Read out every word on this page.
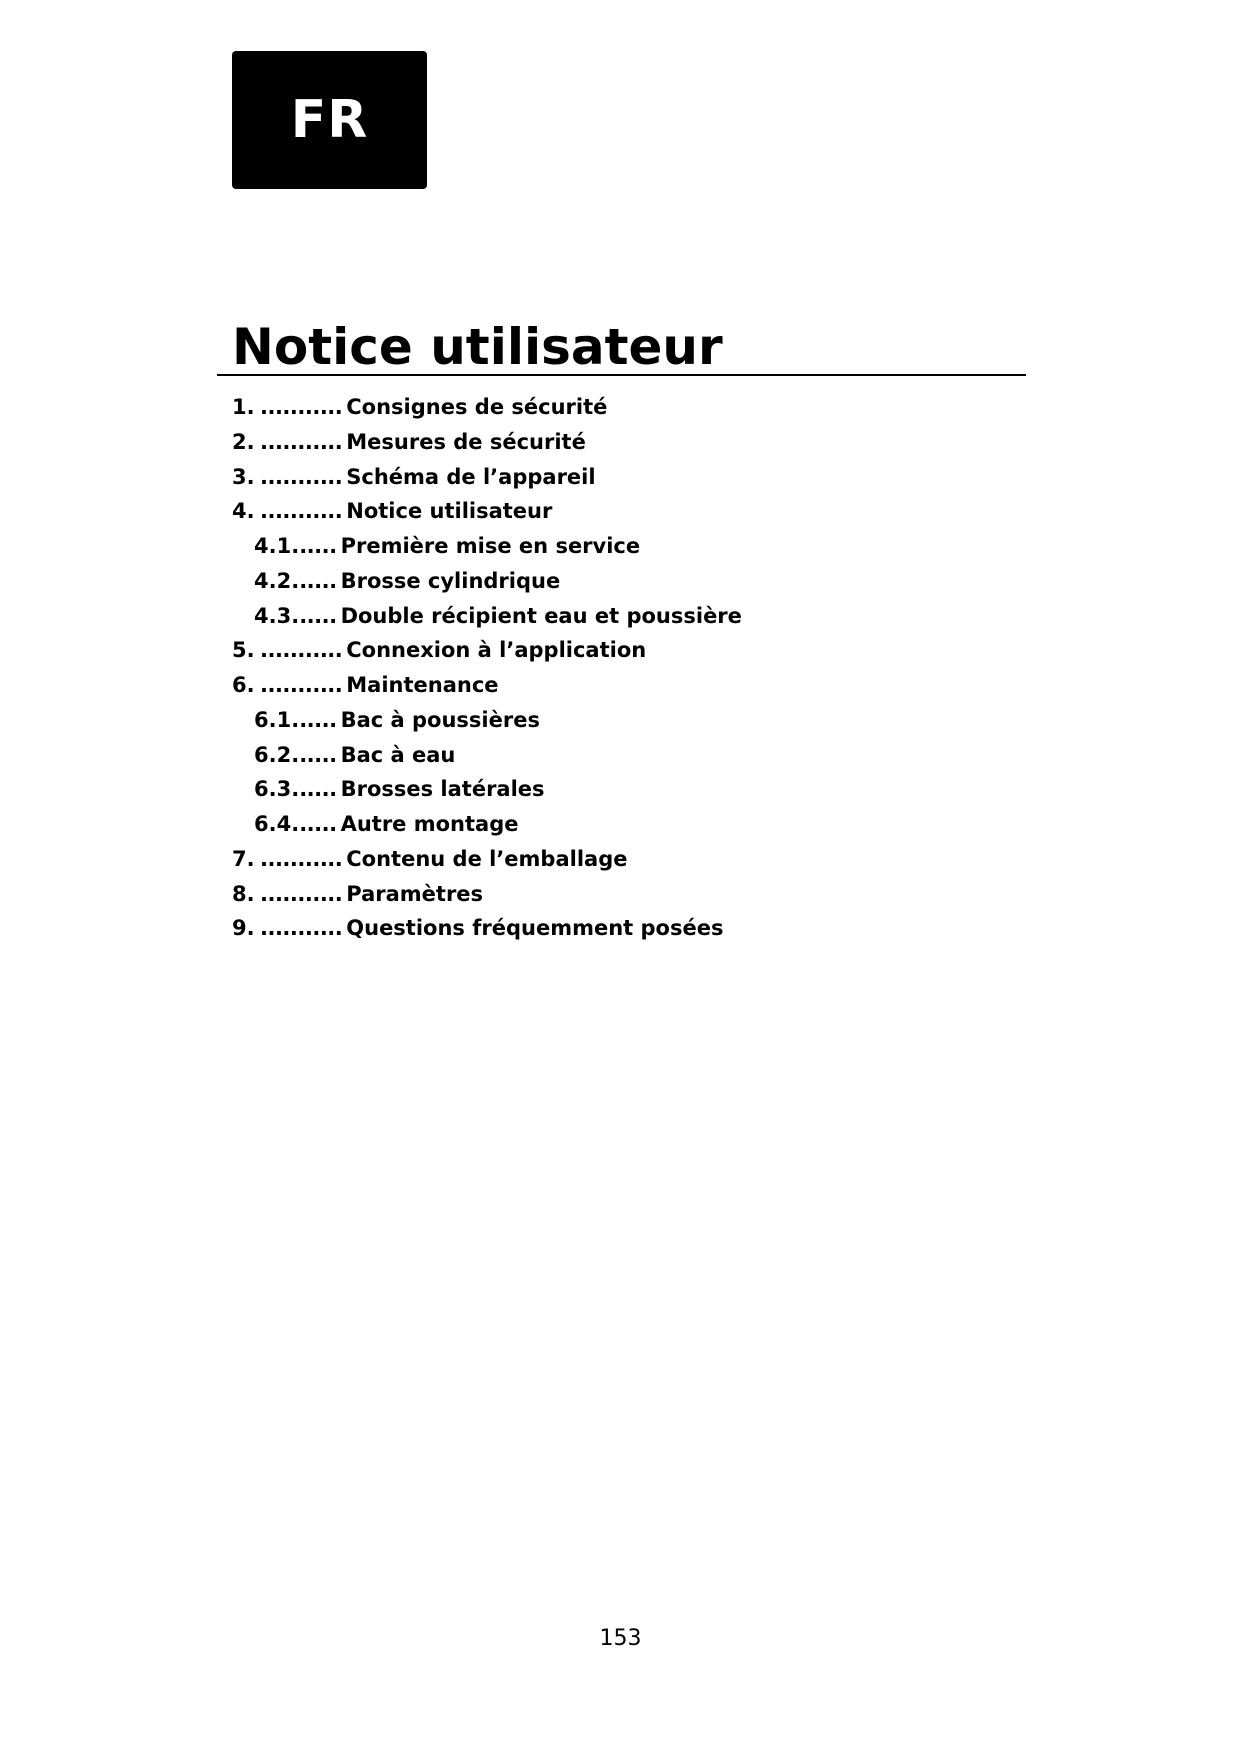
FR
Notice utilisateur
1. ........... Consignes de sécurité
2. ........... Mesures de sécurité
3. ........... Schéma de l’appareil
4. ........... Notice utilisateur
4.1. ..... Première mise en service
4.2. ..... Brosse cylindrique
4.3. ..... Double récipient eau et poussière
5. ........... Connexion à l’application
6. ........... Maintenance
6.1. ..... Bac à poussières
6.2. ..... Bac à eau
6.3. ..... Brosses latérales
6.4. ..... Autre montage
7. ........... Contenu de l’emballage
8. ........... Paramètres
9. ........... Questions fréquemment posées
153
